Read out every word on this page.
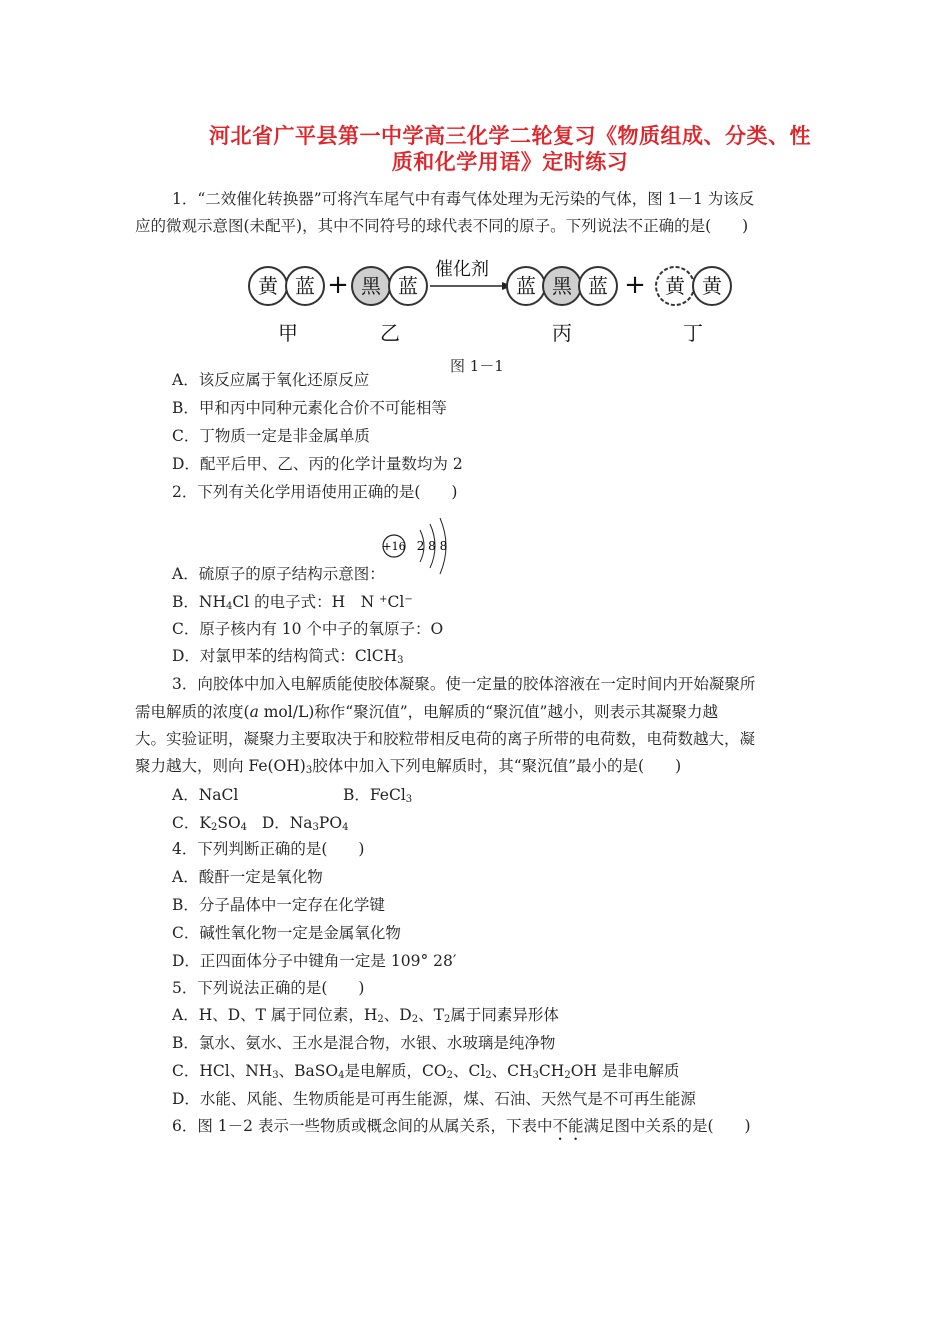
河北省广平县第一中学高三化学二轮复习《物质组成、分类、性
质和化学用语》定时练习
1．“二效催化转换器”可将汽车尾气中有毒气体处理为无污染的气体，图 1－1 为该反
应的微观示意图(未配平)，其中不同符号的球代表不同的原子。下列说法不正确的是(　　)
黄 蓝 + 黑 蓝
催化剂
蓝 黑 蓝 + 黄 黄
甲	乙	丙	丁
图 1－1
A．该反应属于氧化还原反应
B．甲和丙中同种元素化合价不可能相等
C．丁物质一定是非金属单质
D．配平后甲、乙、丙的化学计量数均为 2
2．下列有关化学用语使用正确的是(　　)
+16 2 8 8
A．硫原子的原子结构示意图：
B．$NH_4Cl$ 的电子式：H　N +Cl−
C．原子核内有 10 个中子的氧原子：O
D．对氯甲苯的结构简式：ClCH$_3$
3．向胶体中加入电解质能使胶体凝聚。使一定量的胶体溶液在一定时间内开始凝聚所
需电解质的浓度(a mol/L)称作“聚沉值”，电解质的“聚沉值”越小，则表示其凝聚力越
大。实验证明，凝聚力主要取决于和胶粒带相反电荷的离子所带的电荷数，电荷数越大，凝
聚力越大，则向 $Fe(OH)_3$胶体中加入下列电解质时，其“聚沉值”最小的是(　　)
A．NaCl	B．FeCl$_3$
C．$K_2SO_4$ D．$Na_3PO_4$
4．下列判断正确的是(　　)
A．酸酐一定是氧化物
B．分子晶体中一定存在化学键
C．碱性氧化物一定是金属氧化物
D．正四面体分子中键角一定是 109° 28′
5．下列说法正确的是(　　)
A．H、D、T 属于同位素，$H_2$、$D_2$、$T_2$属于同素异形体
B．氯水、氨水、王水是混合物，水银、水玻璃是纯净物
C．HCl、$NH_3$、BaSO$_4$是电解质，$CO_2$、$Cl_2$、$CH_3CH_2OH$ 是非电解质
D．水能、风能、生物质能是可再生能源，煤、石油、天然气是不可再生能源
6．图 1－2 表示一些物质或概念间的从属关系，下表中不能满足图中关系的是(　　)
